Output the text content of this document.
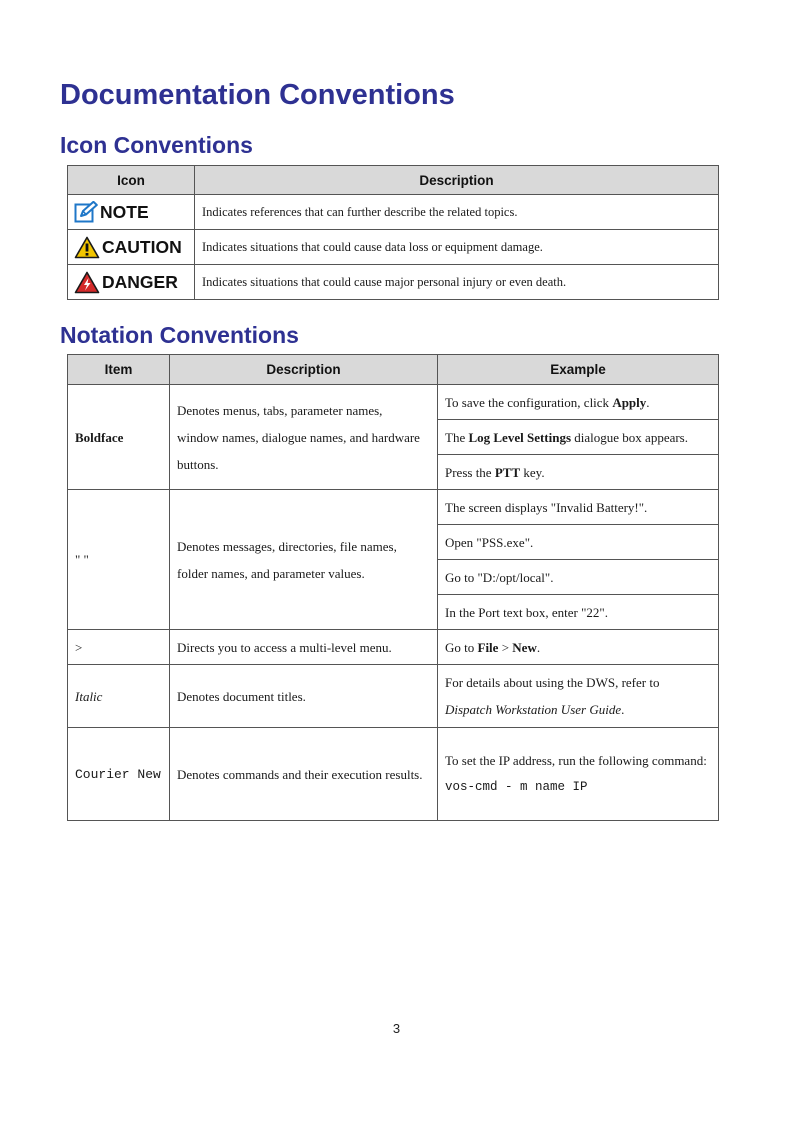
Documentation Conventions
Icon Conventions
Icon	Description
NOTE	Indicates references that can further describe the related topics.
CAUTION	Indicates situations that could cause data loss or equipment damage.
DANGER	Indicates situations that could cause major personal injury or even death.
Notation Conventions
Item	Description	Example
Boldface	Denotes menus, tabs, parameter names, window names, dialogue names, and hardware buttons.	To save the configuration, click Apply.
		The Log Level Settings dialogue box appears.
		Press the PTT key.
" "	Denotes messages, directories, file names, folder names, and parameter values.	The screen displays "Invalid Battery!".
		Open "PSS.exe".
		Go to "D:/opt/local".
		In the Port text box, enter "22".
>	Directs you to access a multi-level menu.	Go to File > New.
Italic	Denotes document titles.	For details about using the DWS, refer to
Dispatch Workstation User Guide.

Courier New	Denotes commands and their execution results.	To set the IP address, run the following command:
vos-cmd - m name IP
3
